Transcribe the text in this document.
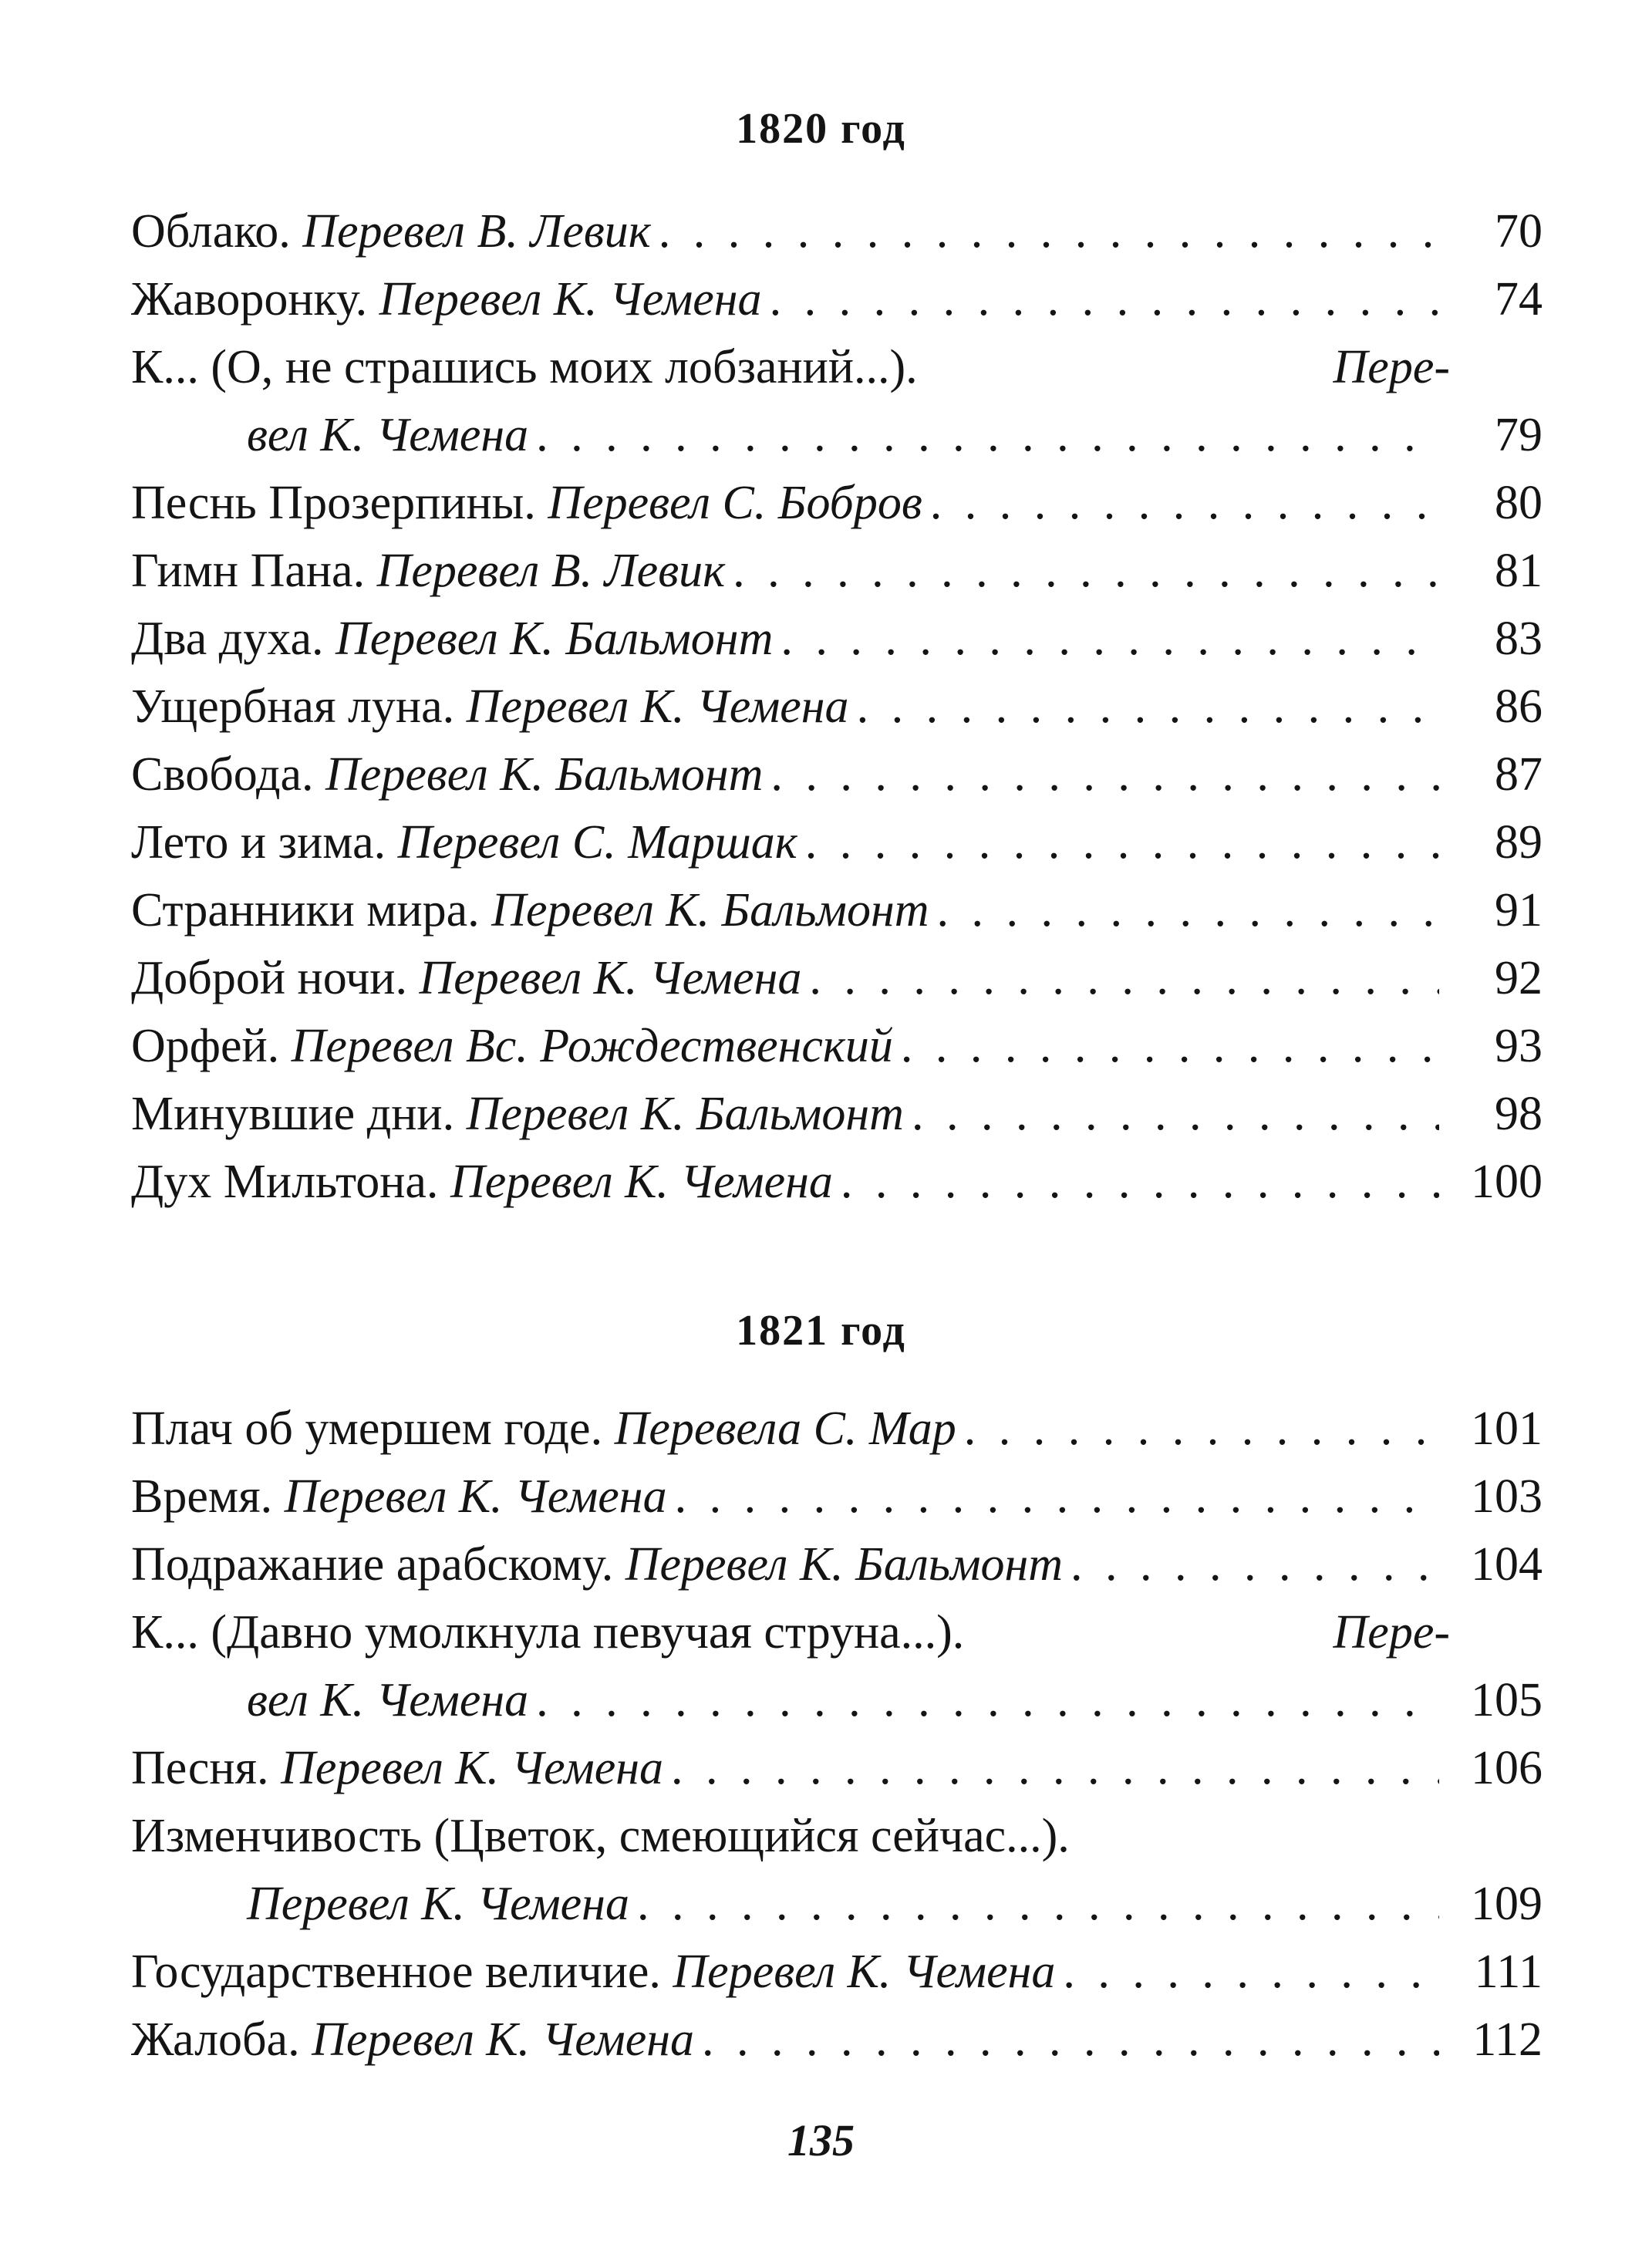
1820 год
Облако. Перевел В. Левик . . .	70
Жаворонку. Перевел К. Чемена . . .	74
К... (О, не страшись моих лобзаний...).	Пере-
вел К. Чемена . . .	79
Песнь Прозерпины. Перевел С. Бобров . . .	80
Гимн Пана. Перевел В. Левик . . .	81
Два духа. Перевел К. Бальмонт . . .	83
Ущербная луна. Перевел К. Чемена . . .	86
Свобода. Перевел К. Бальмонт . . .	87
Лето и зима. Перевел С. Маршак . . .	89
Странники мира. Перевел К. Бальмонт . . .	91
Доброй ночи. Перевел К. Чемена . . .	92
Орфей. Перевел Вс. Рождественский . . .	93
Минувшие дни. Перевел К. Бальмонт . . .	98
Дух Мильтона. Перевел К. Чемена . . .	100
1821 год
Плач об умершем годе. Перевела С. Мар . . .	101
Время. Перевел К. Чемена . . .	103
Подражание арабскому. Перевел К. Бальмонт . . .	104
К... (Давно умолкнула певучая струна...).	Пере-
вел К. Чемена . . .	105
Песня. Перевел К. Чемена . . .	106
Изменчивость (Цветок, смеющийся сейчас...).
Перевел К. Чемена . . .	109
Государственное величие. Перевел К. Чемена . . .	111
Жалоба. Перевел К. Чемена . . .	112
135
